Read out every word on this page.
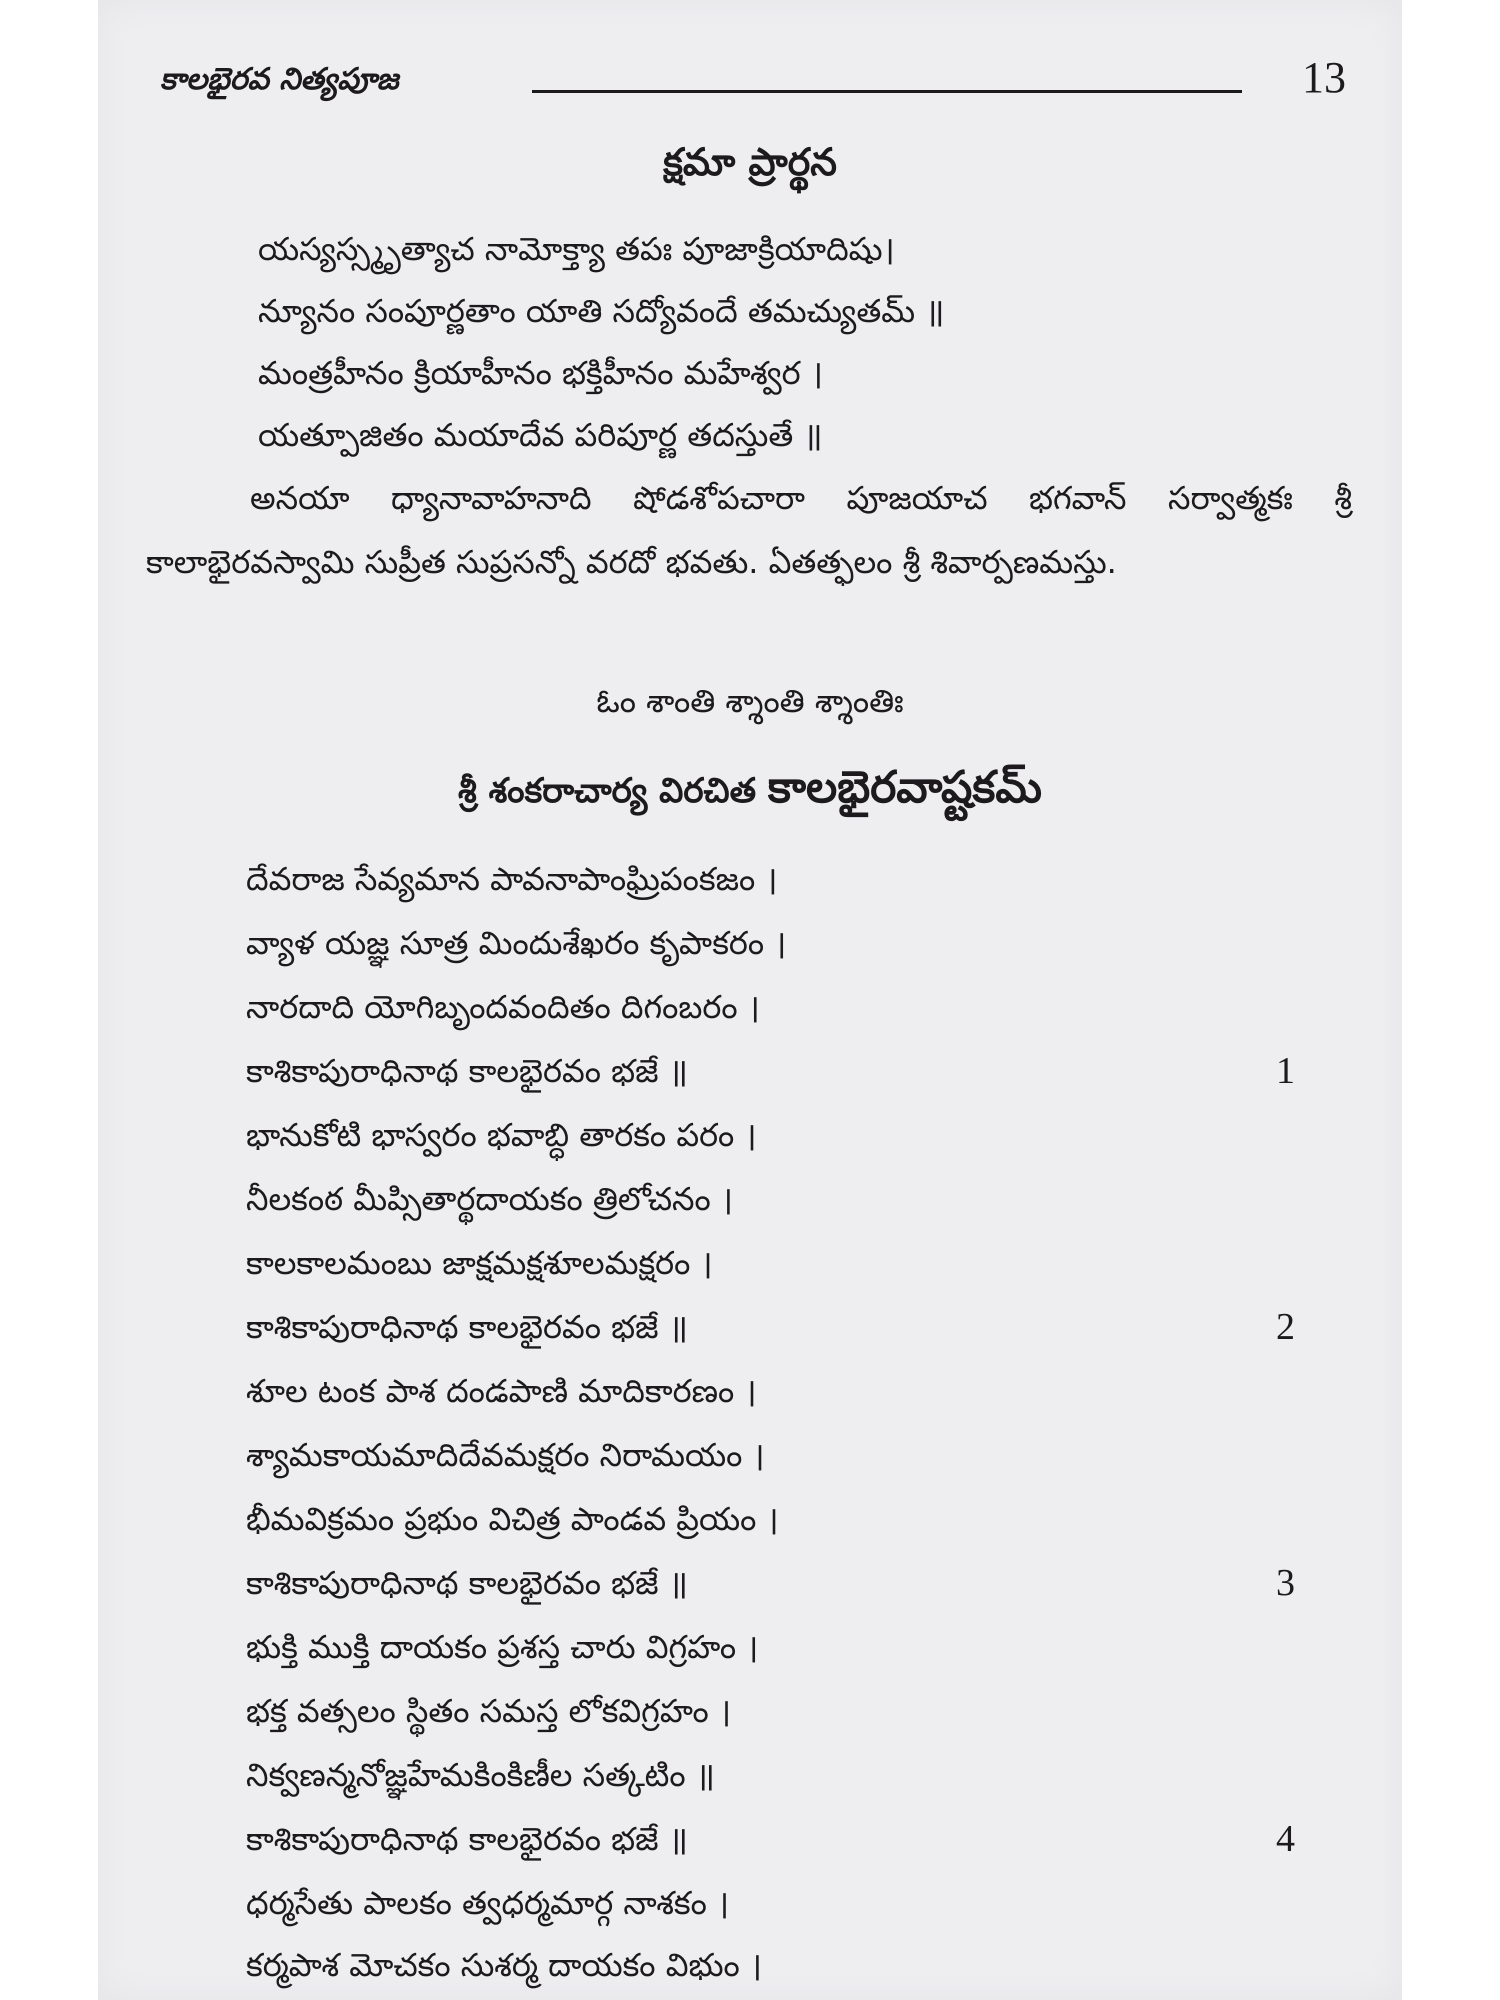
కాలభైరవ నిత్యపూజ	13
క్షమా ప్రార్థన
యస్యస్స్మృత్యాచ నామోక్త్యా తపః పూజాక్రియాదిషు।
న్యూనం సంపూర్ణతాం యాతి సద్యోవందే తమచ్యుతమ్ ॥
మంత్రహీనం క్రియాహీనం భక్తిహీనం మహేశ్వర ।
యత్పూజితం మయాదేవ పరిపూర్ణ తదస్తుతే ॥
అనయా ధ్యానావాహనాది షోడశోపచారా పూజయాచ భగవాన్ సర్వాత్మకః శ్రీ కాలాభైరవస్వామి సుప్రీత సుప్రసన్నో వరదో భవతు. ఏతత్ఫలం శ్రీ శివార్పణమస్తు.
ఓం శాంతి శ్శాంతి శ్శాంతిః
శ్రీ శంకరాచార్య విరచిత కాలభైరవాష్టకమ్
దేవరాజ సేవ్యమాన పావనాపాంఘ్రిపంకజం ।
వ్యాళ యజ్ఞ సూత్ర మిందుశేఖరం కృపాకరం ।
నారదాది యోగిబృందవందితం దిగంబరం ।
కాశికాపురాధినాథ కాలభైరవం భజే ॥	1
భానుకోటి భాస్వరం భవాబ్ధి తారకం పరం ।
నీలకంఠ మీప్సితార్థదాయకం త్రిలోచనం ।
కాలకాలమంబు జాక్షమక్షశూలమక్షరం ।
కాశికాపురాధినాథ కాలభైరవం భజే ॥	2
శూల టంక పాశ దండపాణి మాదికారణం ।
శ్యామకాయమాదిదేవమక్షరం నిరామయం ।
భీమవిక్రమం ప్రభుం విచిత్ర పాండవ ప్రియం ।
కాశికాపురాధినాథ కాలభైరవం భజే ॥	3
భుక్తి ముక్తి దాయకం ప్రశస్త చారు విగ్రహం ।
భక్త వత్సలం స్థితం సమస్త లోకవిగ్రహం ।
నిక్వణన్మనోజ్ఞహేమకింకిణీల సత్కటిం ॥
కాశికాపురాధినాథ కాలభైరవం భజే ॥	4
ధర్మసేతు పాలకం త్వధర్మమార్గ నాశకం ।
కర్మపాశ మోచకం సుశర్మ దాయకం విభుం ।
